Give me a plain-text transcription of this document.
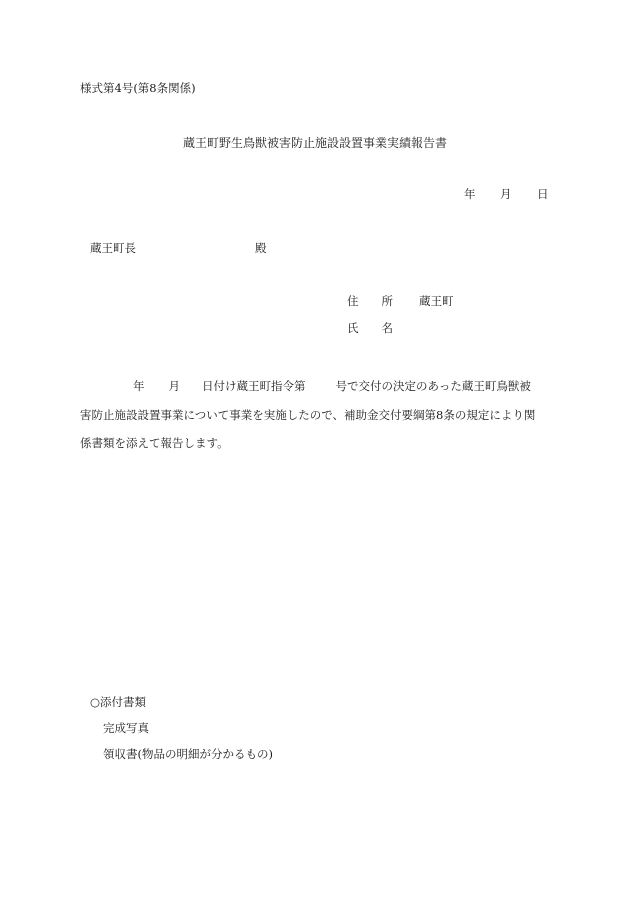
様式第4号(第8条関係)
蔵王町野生鳥獣被害防止施設設置事業実績報告書
年 月 日
蔵王町長	殿
住　　所 蔵王町
氏　　名
年 月 日付け蔵王町指令第	号で交付の決定のあった蔵王町鳥獣被
害防止施設設置事業について事業を実施したので、補助金交付要綱第8条の規定により関
係書類を添えて報告します。
○添付書類
完成写真
領収書(物品の明細が分かるもの)
